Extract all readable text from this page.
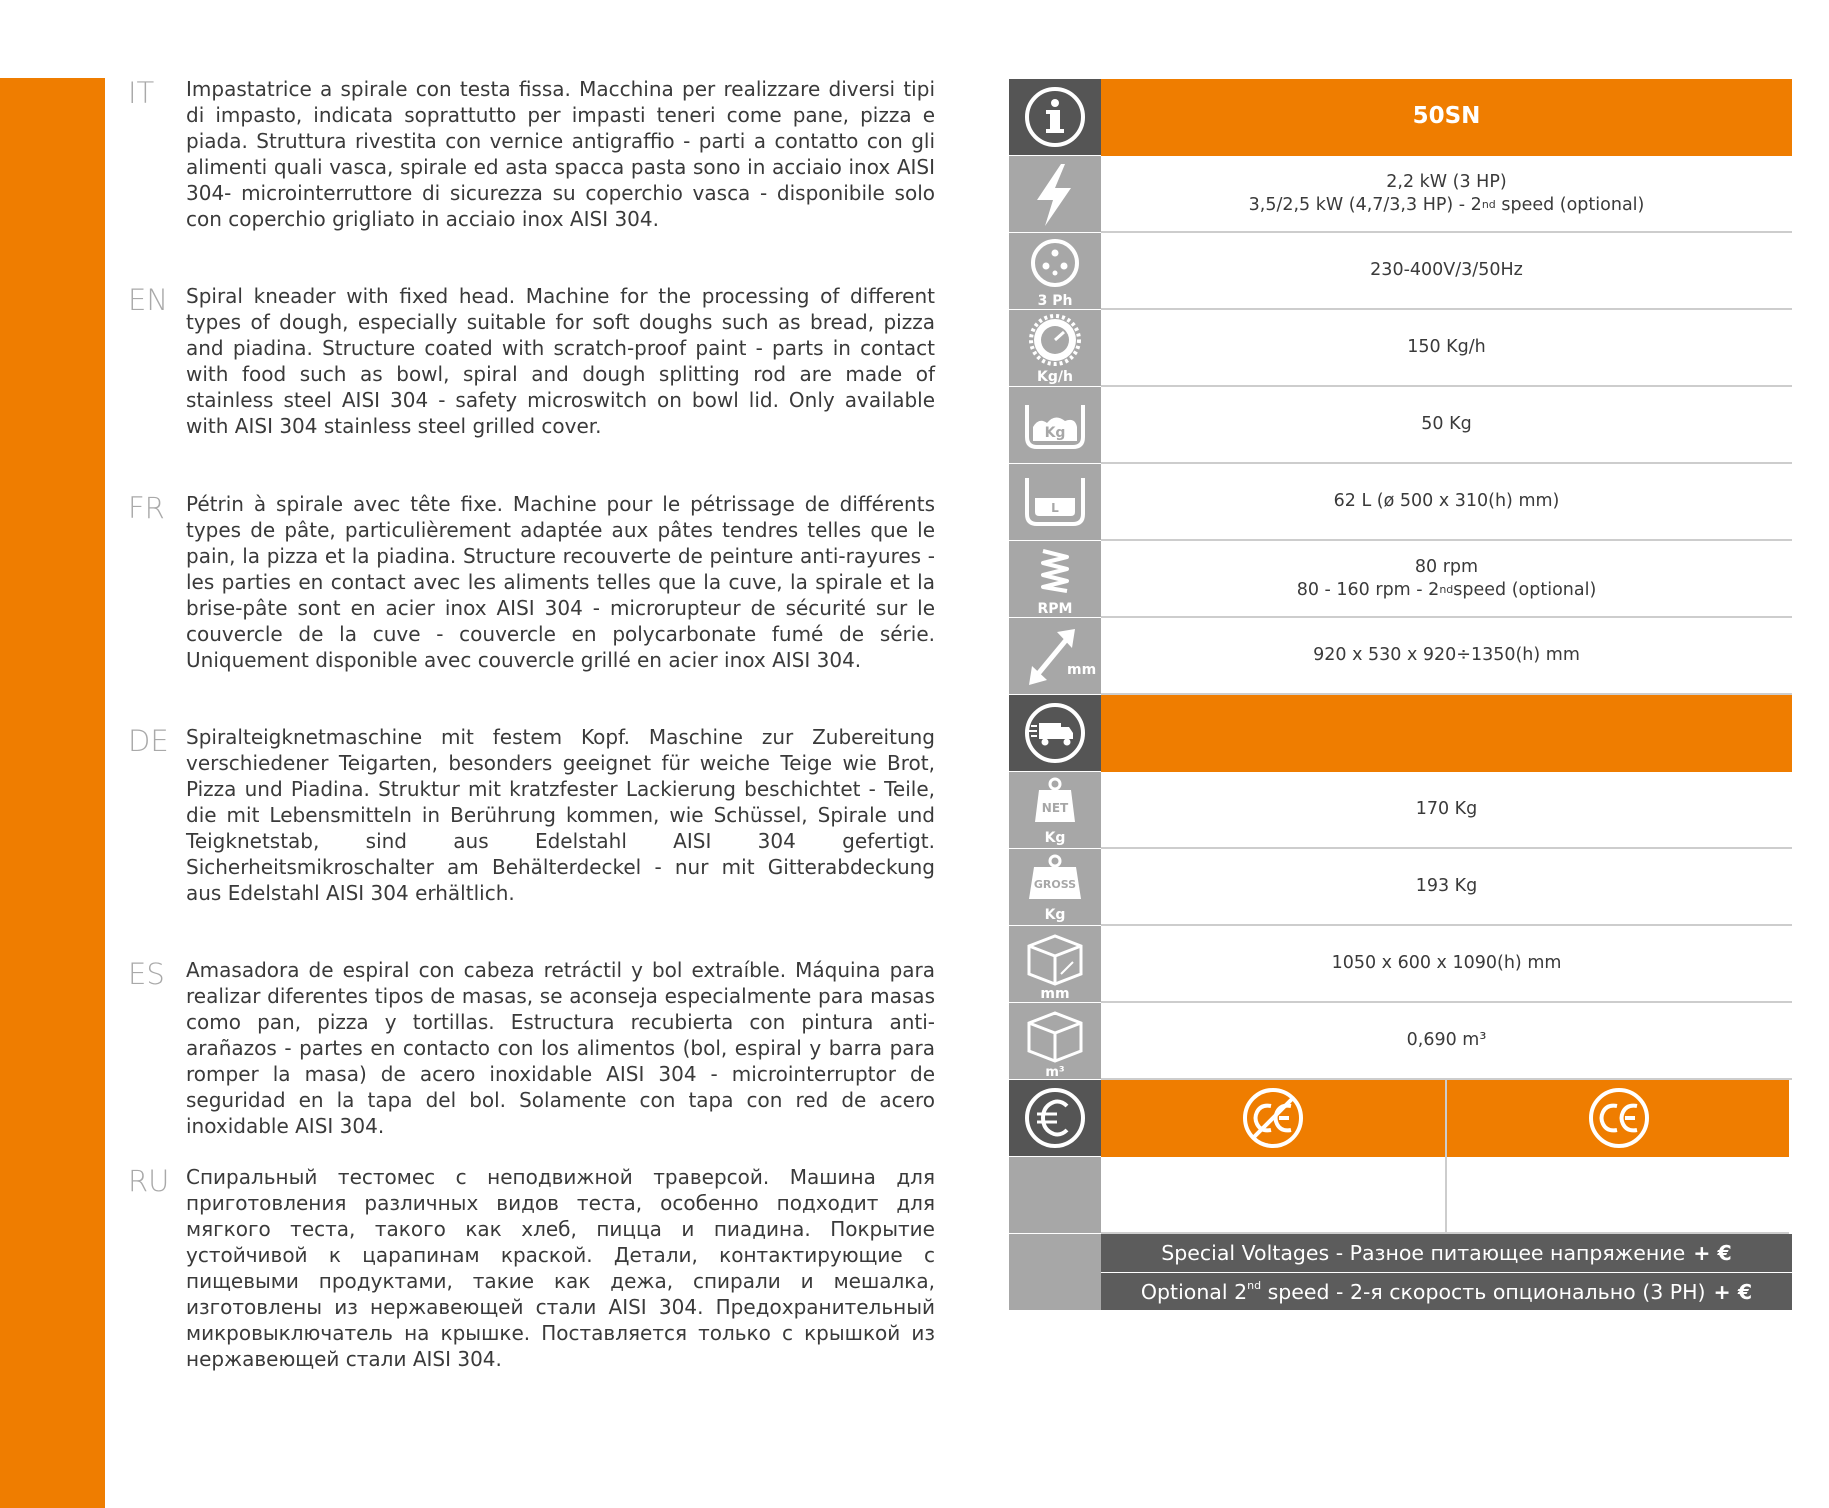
IT	Impastatrice a spirale con testa fissa. Macchina per realizzare diversi tipi di impasto, indicata soprattutto per impasti teneri come pane, pizza e piada. Struttura rivestita con vernice antigraffio - parti a contatto con gli alimenti quali vasca, spirale ed asta spacca pasta sono in acciaio inox AISI 304- microinterruttore di sicurezza su coperchio vasca - disponibile solo con coperchio grigliato in acciaio inox AISI 304.
EN Spiral kneader with fixed head. Machine for the processing of different types of dough, especially suitable for soft doughs such as bread, pizza and piadina. Structure coated with scratch-proof paint - parts in contact with food such as bowl, spiral and dough splitting rod are made of stainless steel AISI 304 - safety microswitch on bowl lid. Only available with AISI 304 stainless steel grilled cover.
FR	Pétrin à spirale avec tête fixe. Machine pour le pétrissage de différents types de pâte, particulièrement adaptée aux pâtes tendres telles que le pain, la pizza et la piadina. Structure recouverte de peinture anti-rayures - les parties en contact avec les aliments telles que la cuve, la spirale et la brise-pâte sont en acier inox AISI 304 - microrupteur de sécurité sur le couvercle de la cuve - couvercle en polycarbonate fumé de série. Uniquement disponible avec couvercle grillé en acier inox AISI 304.
DE Spiralteigknetmaschine mit festem Kopf. Maschine zur Zubereitung verschiedener Teigarten, besonders geeignet für weiche Teige wie Brot, Pizza und Piadina. Struktur mit kratzfester Lackierung beschichtet - Teile, die mit Lebensmitteln in Berührung kommen, wie Schüssel, Spirale und Teigknetstab, sind aus Edelstahl AISI 304 gefertigt. Sicherheitsmikroschalter am Behälterdeckel - nur mit Gitterabdeckung aus Edelstahl AISI 304 erhältlich.
ES	Amasadora de espiral con cabeza retráctil y bol extraíble. Máquina para realizar diferentes tipos de masas, se aconseja especialmente para masas como pan, pizza y tortillas. Estructura recubierta con pintura anti-arañazos - partes en contacto con los alimentos (bol, espiral y barra para romper la masa) de acero inoxidable AISI 304 - microinterruptor de seguridad en la tapa del bol. Solamente con tapa con red de acero inoxidable AISI 304.
RU Спиральный тестомес с неподвижной траверсой. Машина для приготовления различных видов теста, особенно подходит для мягкого теста, такого как хлеб, пицца и пиадина. Покрытие устойчивой к царапинам краской. Детали, контактирующие с пищевыми продуктами, такие как дежа, спирали и мешалка, изготовлены из нержавеющей стали AISI 304. Предохранительный микровыключатель на крышке. Поставляется только с крышкой из нержавеющей стали AISI 304.
50SN
2,2 kW (3 HP)
3,5/2,5 kW (4,7/3,3 HP) - 2nd speed (optional)
3 Ph
230-400V/3/50Hz
Kg/h
150 Kg/h
Kg	50 Kg
L	62 L (ø 500 x 310(h) mm)
RPM
80 rpm
80 - 160 rpm - 2ndspeed (optional)
mm
920 x 530 x 920÷1350(h) mm
NET
Kg
170 Kg
GROSS
Kg
193 Kg
mm
1050 x 600 x 1090(h) mm
m³
0,690 m³
Special Voltages - Разное питающее напряжение + €
Optional 2nd speed - 2-я скорость опционально (3 PH) + €
